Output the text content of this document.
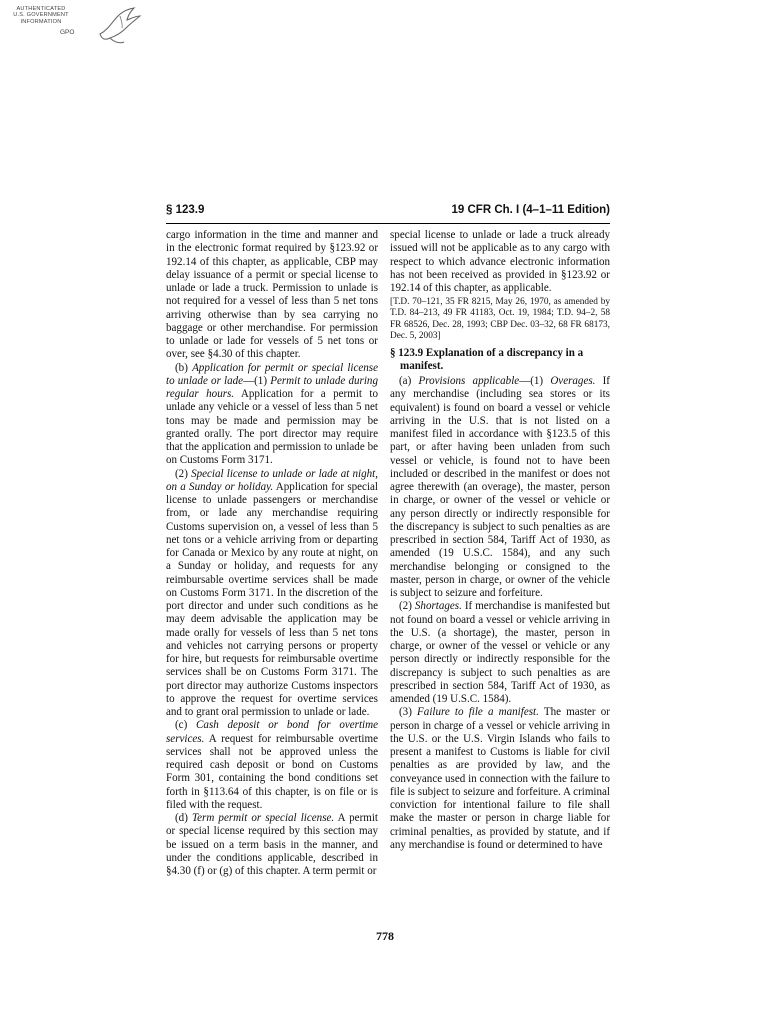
AUTHENTICATED
U.S. GOVERNMENT
INFORMATION
GPO
§ 123.9	19 CFR Ch. I (4–1–11 Edition)

cargo information in the time and manner and in the electronic format required by §123.92 or 192.14 of this chapter, as applicable, CBP may delay issuance of a permit or special license to unlade or lade a truck. Permission to unlade is not required for a vessel of less than 5 net tons arriving otherwise than by sea carrying no baggage or other merchandise. For permission to unlade or lade for vessels of 5 net tons or over, see §4.30 of this chapter.

(b) Application for permit or special license to unlade or lade—(1) Permit to unlade during regular hours. Application for a permit to unlade any vehicle or a vessel of less than 5 net tons may be made and permission may be granted orally. The port director may require that the application and permission to unlade be on Customs Form 3171.

(2) Special license to unlade or lade at night, on a Sunday or holiday. Application for special license to unlade passengers or merchandise from, or lade any merchandise requiring Customs supervision on, a vessel of less than 5 net tons or a vehicle arriving from or departing for Canada or Mexico by any route at night, on a Sunday or holiday, and requests for any reimbursable overtime services shall be made on Customs Form 3171. In the discretion of the port director and under such conditions as he may deem advisable the application may be made orally for vessels of less than 5 net tons and vehicles not carrying persons or property for hire, but requests for reimbursable overtime services shall be on Customs Form 3171. The port director may authorize Customs inspectors to approve the request for overtime services and to grant oral permission to unlade or lade.

(c) Cash deposit or bond for overtime services. A request for reimbursable overtime services shall not be approved unless the required cash deposit or bond on Customs Form 301, containing the bond conditions set forth in §113.64 of this chapter, is on file or is filed with the request.

(d) Term permit or special license. A permit or special license required by this section may be issued on a term basis in the manner, and under the conditions applicable, described in §4.30 (f) or (g) of this chapter. A term permit or

special license to unlade or lade a truck already issued will not be applicable as to any cargo with respect to which advance electronic information has not been received as provided in §123.92 or 192.14 of this chapter, as applicable.

[T.D. 70–121, 35 FR 8215, May 26, 1970, as amended by T.D. 84–213, 49 FR 41183, Oct. 19, 1984; T.D. 94–2, 58 FR 68526, Dec. 28, 1993; CBP Dec. 03–32, 68 FR 68173, Dec. 5, 2003]

§ 123.9 Explanation of a discrepancy in a manifest.

(a) Provisions applicable—(1) Overages. If any merchandise (including sea stores or its equivalent) is found on board a vessel or vehicle arriving in the U.S. that is not listed on a manifest filed in accordance with §123.5 of this part, or after having been unladen from such vessel or vehicle, is found not to have been included or described in the manifest or does not agree therewith (an overage), the master, person in charge, or owner of the vessel or vehicle or any person directly or indirectly responsible for the discrepancy is subject to such penalties as are prescribed in section 584, Tariff Act of 1930, as amended (19 U.S.C. 1584), and any such merchandise belonging or consigned to the master, person in charge, or owner of the vehicle is subject to seizure and forfeiture.

(2) Shortages. If merchandise is manifested but not found on board a vessel or vehicle arriving in the U.S. (a shortage), the master, person in charge, or owner of the vessel or vehicle or any person directly or indirectly responsible for the discrepancy is subject to such penalties as are prescribed in section 584, Tariff Act of 1930, as amended (19 U.S.C. 1584).

(3) Failure to file a manifest. The master or person in charge of a vessel or vehicle arriving in the U.S. or the U.S. Virgin Islands who fails to present a manifest to Customs is liable for civil penalties as are provided by law, and the conveyance used in connection with the failure to file is subject to seizure and forfeiture. A criminal conviction for intentional failure to file shall make the master or person in charge liable for criminal penalties, as provided by statute, and if any merchandise is found or determined to have

778
